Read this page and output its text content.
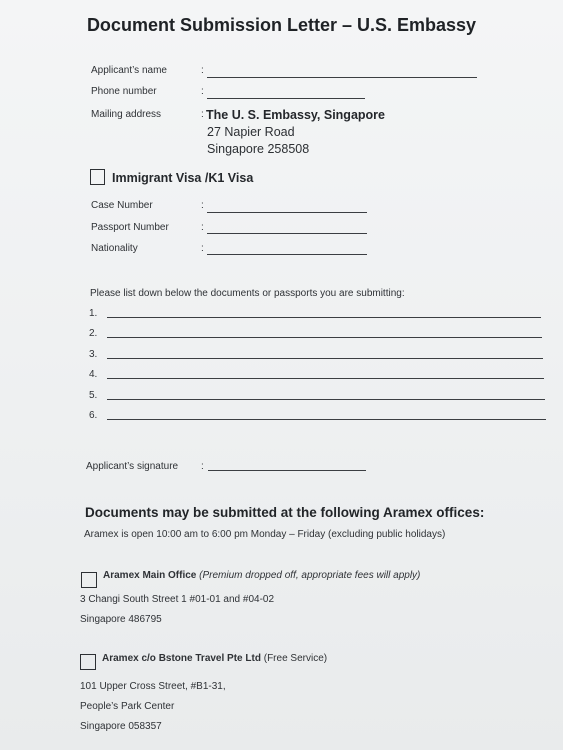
Document Submission Letter – U.S. Embassy
Applicant’s name	:
Phone number	:
Mailing address	: The U. S. Embassy, Singapore
27 Napier Road
Singapore 258508
Immigrant Visa /K1 Visa
Case Number	:
Passport Number	:
Nationality	:
Please list down below the documents or passports you are submitting:
1.
2.
3.
4.
5.
6.
Applicant’s signature :
Documents may be submitted at the following Aramex offices:
Aramex is open 10:00 am to 6:00 pm Monday – Friday (excluding public holidays)
Aramex Main Office (Premium dropped off, appropriate fees will apply)
3 Changi South Street 1 #01-01 and #04-02
Singapore 486795
Aramex c/o Bstone Travel Pte Ltd (Free Service)
101 Upper Cross Street, #B1-31,
People’s Park Center
Singapore 058357
